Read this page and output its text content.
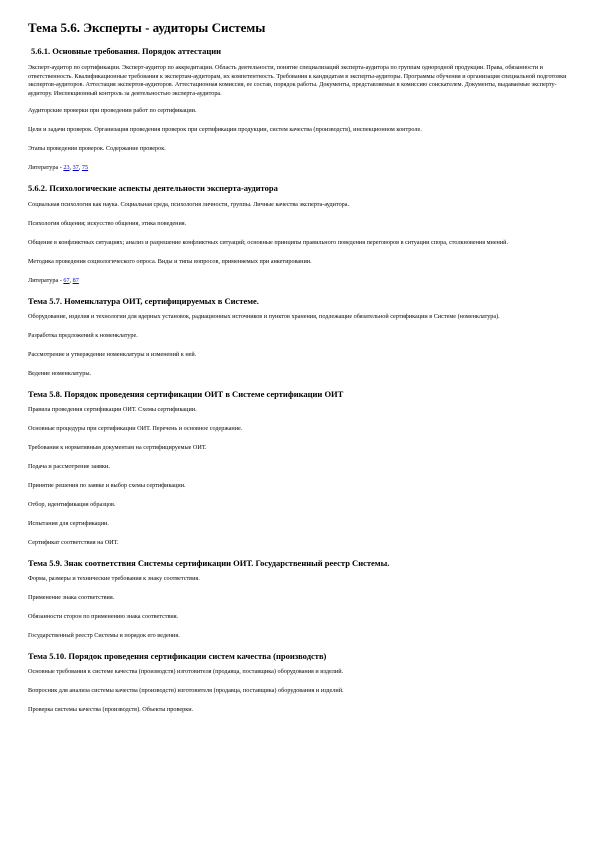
Тема 5.6. Эксперты - аудиторы Системы
5.6.1. Основные требования. Порядок аттестации

Эксперт-аудитор по сертификации. Эксперт-аудитор по аккредитации. Область деятельности, понятие специализаций эксперта-аудитора по группам однородной продукции. Права, обязанности и ответственность. Квалификационные требования к экспертам-аудиторам, их компетентность. Требования к кандидатам в эксперты-аудиторы. Программы обучения и организация специальной подготовки экспертов-аудиторов. Аттестация экспертов-аудиторов. Аттестационная комиссия, ее состав, порядок работы. Документы, представляемые в комиссию соискателем. Документы, выдаваемые эксперту-аудитору. Инспекционный контроль за деятельностью эксперта-аудитора.

Аудиторские проверки при проведении работ по сертификации.

Цели и задачи проверок. Организация проведения проверок при сертификации продукции, систем качества (производств), инспекционном контроле.

Этапы проведения проверок. Содержание проверок.

Литература - 23, 37, 75

5.6.2. Психологические аспекты деятельности эксперта-аудитора

Социальная психология как наука. Социальная среда, психология личности, группы. Личные качества эксперта-аудитора.

Психология общения; искусство общения, этика поведения.

Общение в конфликтных ситуациях; анализ и разрешение конфликтных ситуаций; основные принципы правильного поведения переговоров в ситуации спора, столкновения мнений.

Методика проведения социологического опроса. Виды и типы вопросов, применяемых при анкетировании.

Литература - 67, 87

Тема 5.7. Номенклатура ОИТ, сертифицируемых в Системе.

Оборудование, изделия и технологии для ядерных установок, радиационных источников и пунктов хранения, подлежащие обязательной сертификации в Системе (номенклатура).

Разработка предложений к номенклатуре.

Рассмотрение и утверждение номенклатуры и изменений к ней.

Ведение номенклатуры.

Тема 5.8. Порядок проведения сертификации ОИТ в Системе сертификации ОИТ

Правила проведения сертификации ОИТ. Схемы сертификации.

Основные процедуры при сертификации ОИТ. Перечень и основное содержание.

Требования к нормативным документам на сертифицируемые ОИТ.

Подача и рассмотрение заявки.

Принятие решения по заявке и выбор схемы сертификации.

Отбор, идентификация образцов.

Испытания для сертификации.

Сертификат соответствия на ОИТ.

Тема 5.9. Знак соответствия Системы сертификации ОИТ. Государственный реестр Системы.

Форма, размеры и технические требования к знаку соответствия.

Применение знака соответствия.

Обязанности сторон по применению знака соответствия.

Государственный реестр Системы и порядок его ведения.

Тема 5.10. Порядок проведения сертификации систем качества (производств)

Основные требования к системе качества (производств) изготовителя (продавца, поставщика) оборудования и изделий.

Вопросник для анализа системы качества (производств) изготовителя (продавца, поставщика) оборудования и изделий.

Проверка системы качества (производств). Объекты проверки.
